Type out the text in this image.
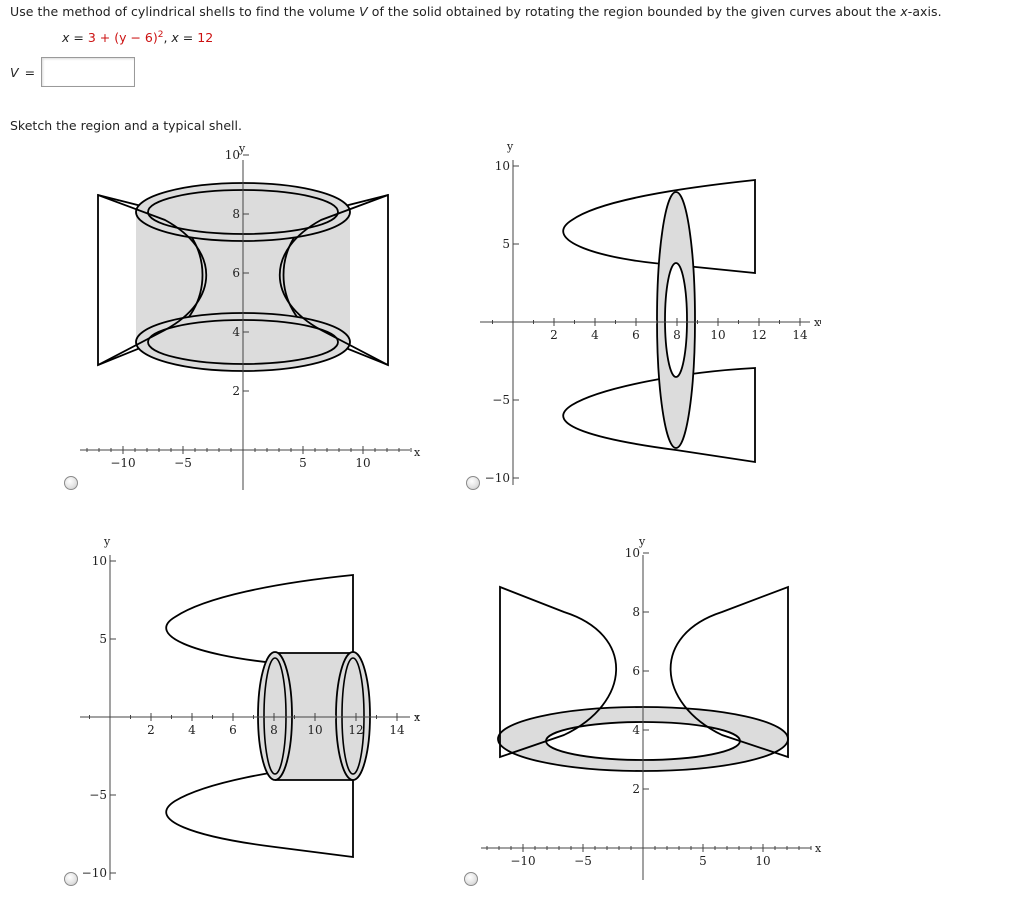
Use the method of cylindrical shells to find the volume V of the solid obtained by rotating the region bounded by the given curves about the x-axis.
$x = 3 + (y - 6)^2$, x = 12
V =
Sketch the region and a typical shell.
−10	−5	5	10
2
4
6
8
10
x
y
2	4	6	8 10 12 14
10
5
−5
−10
x
y
2	4	6	8 10 12 14
10
5
−5
−10
x
y
−10	−5	5	10
2
4
6
8
10
x
y
